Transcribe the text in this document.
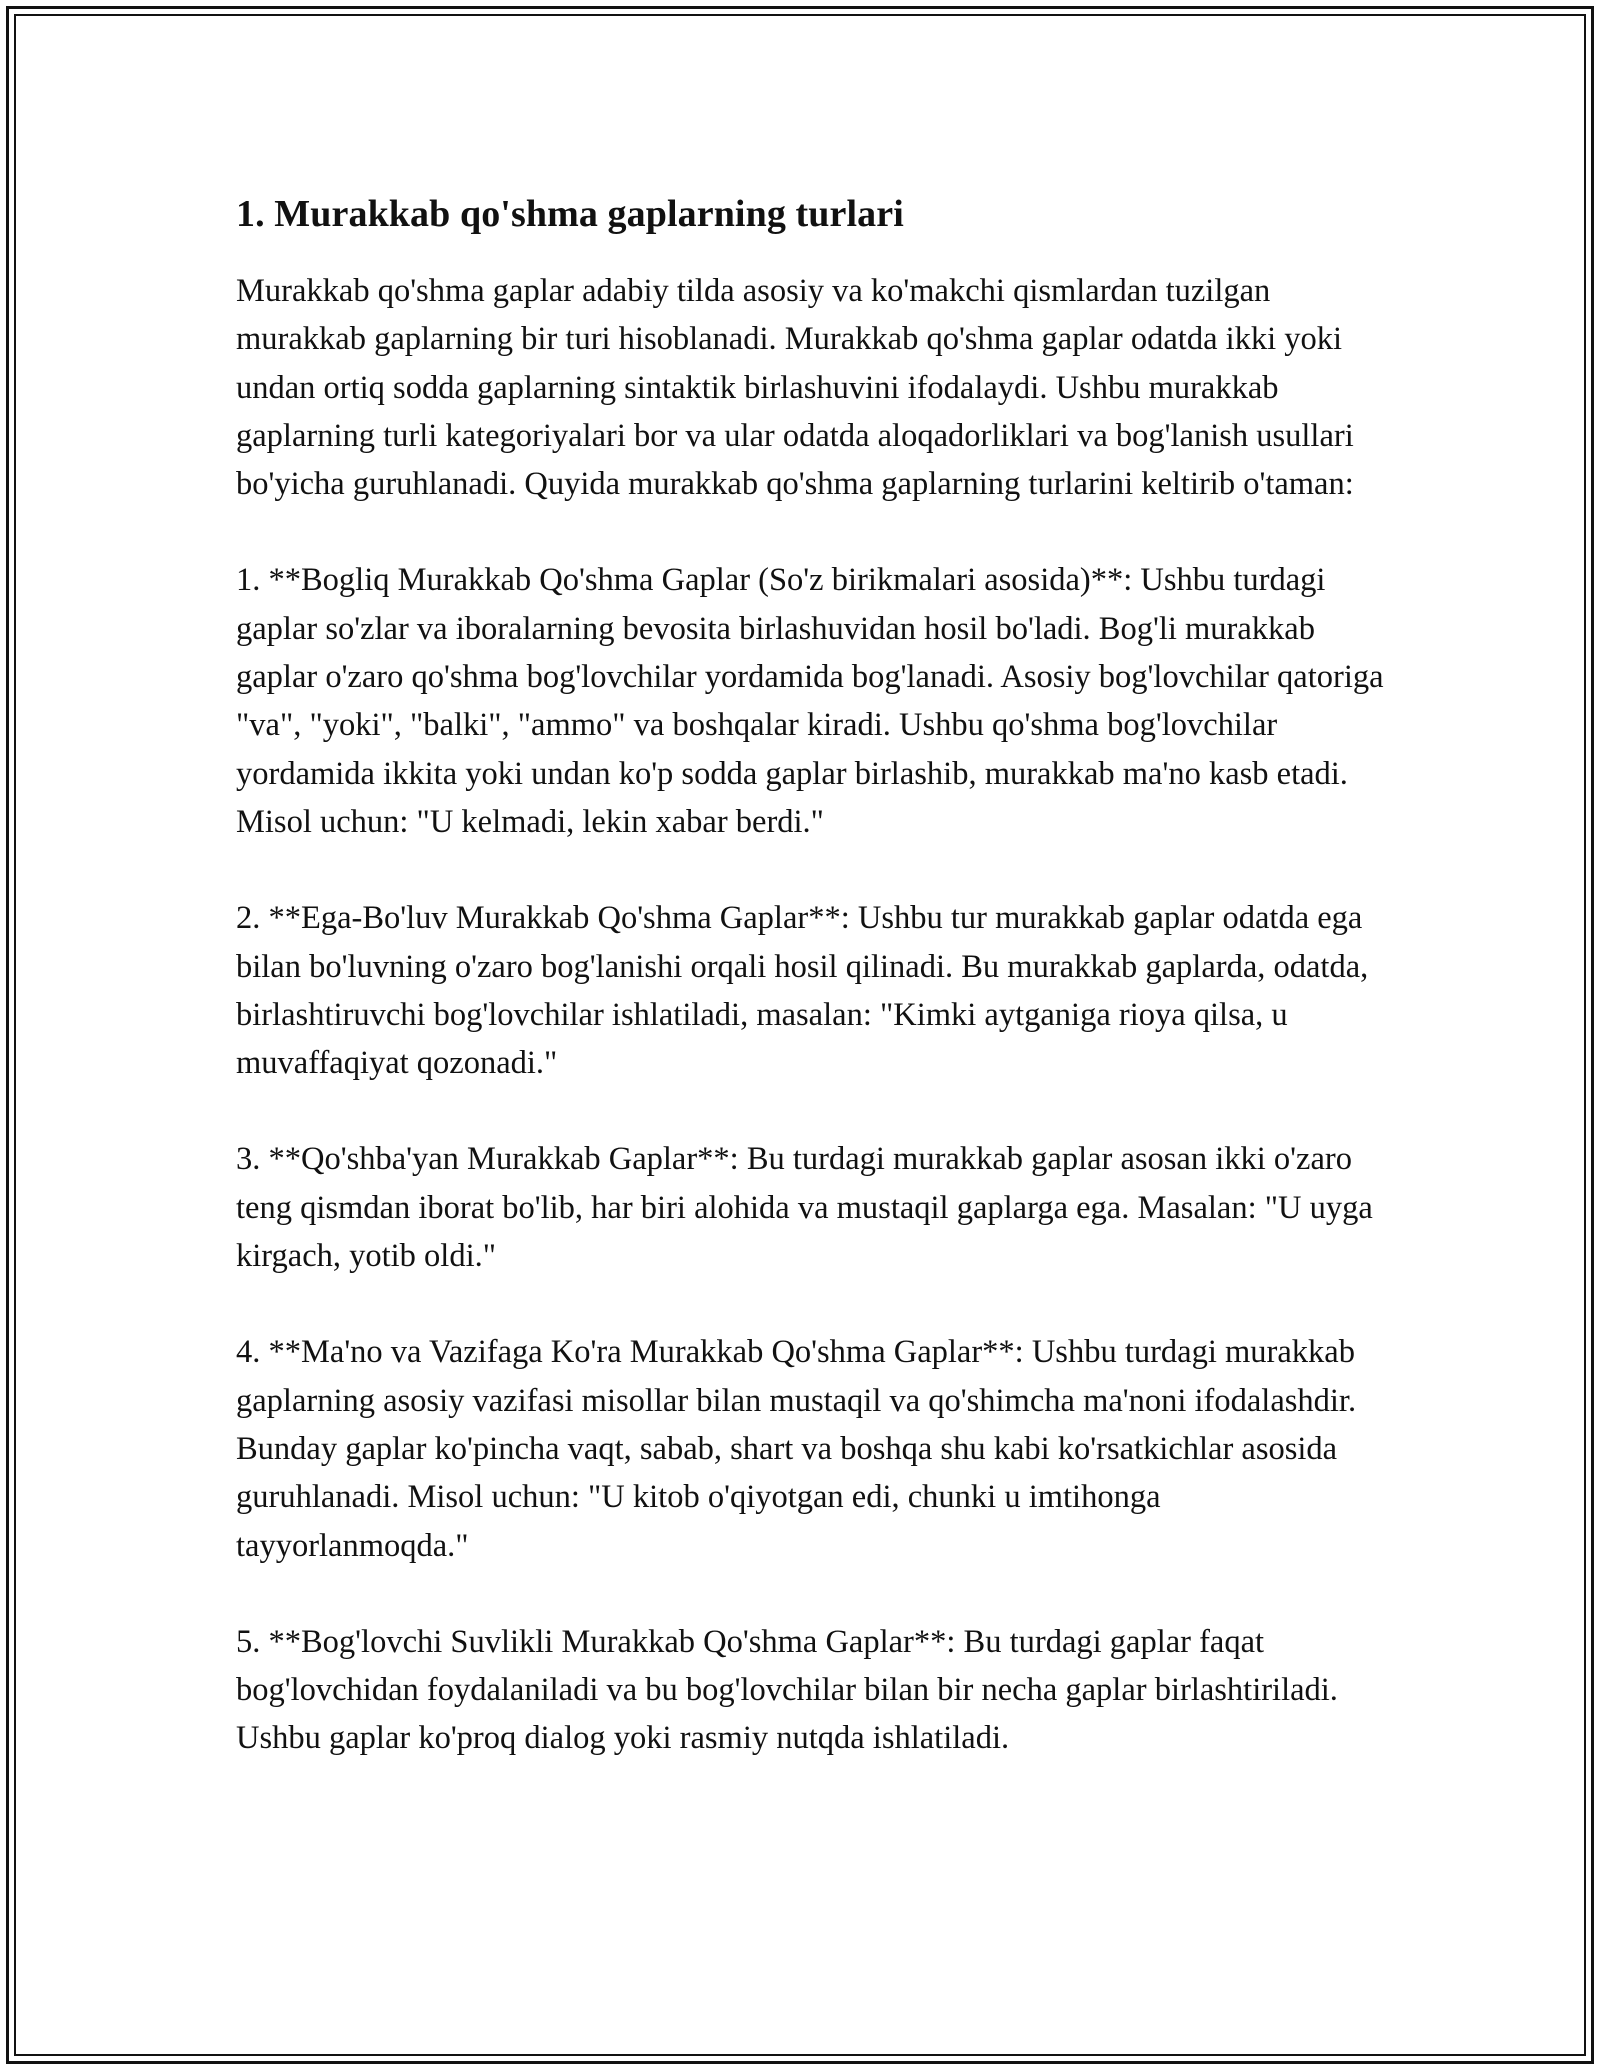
1. Murakkab qo'shma gaplarning turlari

Murakkab qo'shma gaplar adabiy tilda asosiy va ko'makchi qismlardan tuzilgan murakkab gaplarning bir turi hisoblanadi. Murakkab qo'shma gaplar odatda ikki yoki undan ortiq sodda gaplarning sintaktik birlashuvini ifodalaydi. Ushbu murakkab gaplarning turli kategoriyalari bor va ular odatda aloqadorliklari va bog'lanish usullari bo'yicha guruhlanadi. Quyida murakkab qo'shma gaplarning turlarini keltirib o'taman:

1. **Bogliq Murakkab Qo'shma Gaplar (So'z birikmalari asosida)**: Ushbu turdagi gaplar so'zlar va iboralarning bevosita birlashuvidan hosil bo'ladi. Bog'li murakkab gaplar o'zaro qo'shma bog'lovchilar yordamida bog'lanadi. Asosiy bog'lovchilar qatoriga "va", "yoki", "balki", "ammo" va boshqalar kiradi. Ushbu qo'shma bog'lovchilar yordamida ikkita yoki undan ko'p sodda gaplar birlashib, murakkab ma'no kasb etadi. Misol uchun: "U kelmadi, lekin xabar berdi."

2. **Ega-Bo'luv Murakkab Qo'shma Gaplar**: Ushbu tur murakkab gaplar odatda ega bilan bo'luvning o'zaro bog'lanishi orqali hosil qilinadi. Bu murakkab gaplarda, odatda, birlashtiruvchi bog'lovchilar ishlatiladi, masalan: "Kimki aytganiga rioya qilsa, u muvaffaqiyat qozonadi."

3. **Qo'shba'yan Murakkab Gaplar**: Bu turdagi murakkab gaplar asosan ikki o'zaro teng qismdan iborat bo'lib, har biri alohida va mustaqil gaplarga ega. Masalan: "U uyga kirgach, yotib oldi."

4. **Ma'no va Vazifaga Ko'ra Murakkab Qo'shma Gaplar**: Ushbu turdagi murakkab gaplarning asosiy vazifasi misollar bilan mustaqil va qo'shimcha ma'noni ifodalashdir. Bunday gaplar ko'pincha vaqt, sabab, shart va boshqa shu kabi ko'rsatkichlar asosida guruhlanadi. Misol uchun: "U kitob o'qiyotgan edi, chunki u imtihonga tayyorlanmoqda."

5. **Bog'lovchi Suvlikli Murakkab Qo'shma Gaplar**: Bu turdagi gaplar faqat bog'lovchidan foydalaniladi va bu bog'lovchilar bilan bir necha gaplar birlashtiriladi. Ushbu gaplar ko'proq dialog yoki rasmiy nutqda ishlatiladi.
